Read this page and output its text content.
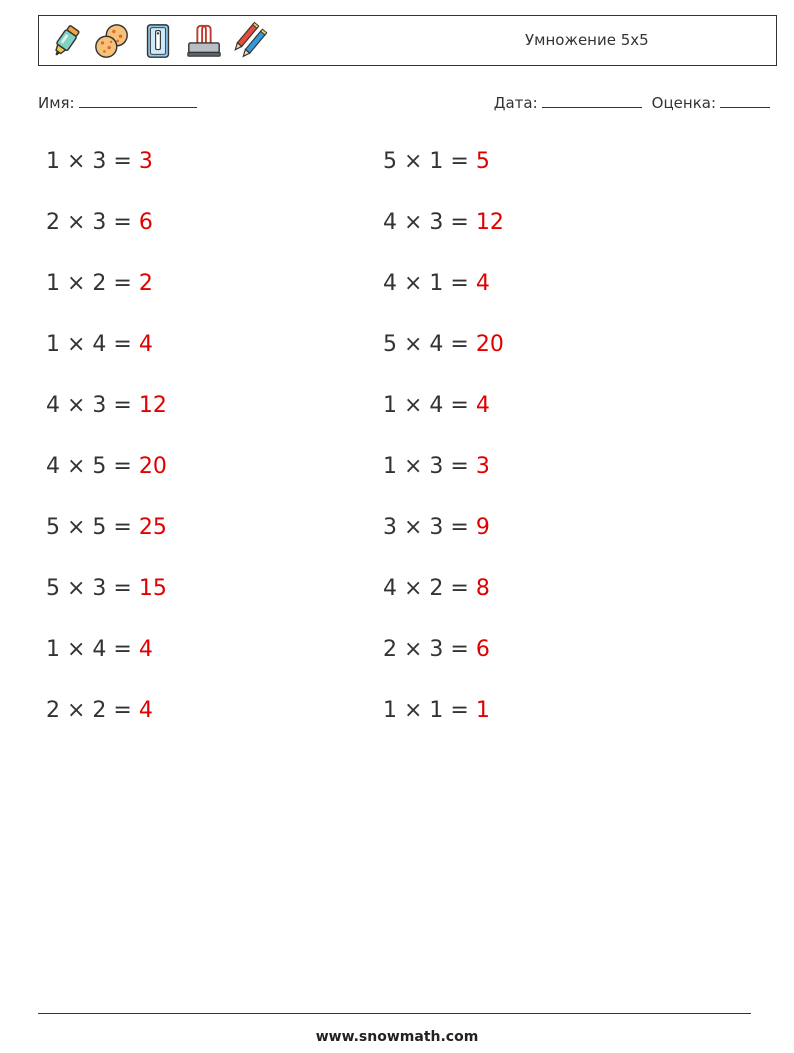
Умножение 5x5
Имя:	Дата:	Оценка:
1 × 3 = 3
2 × 3 = 6
1 × 2 = 2
1 × 4 = 4
4 × 3 = 12
4 × 5 = 20
5 × 5 = 25
5 × 3 = 15
1 × 4 = 4
2 × 2 = 4
5 × 1 = 5
4 × 3 = 12
4 × 1 = 4
5 × 4 = 20
1 × 4 = 4
1 × 3 = 3
3 × 3 = 9
4 × 2 = 8
2 × 3 = 6
1 × 1 = 1
www.snowmath.com
